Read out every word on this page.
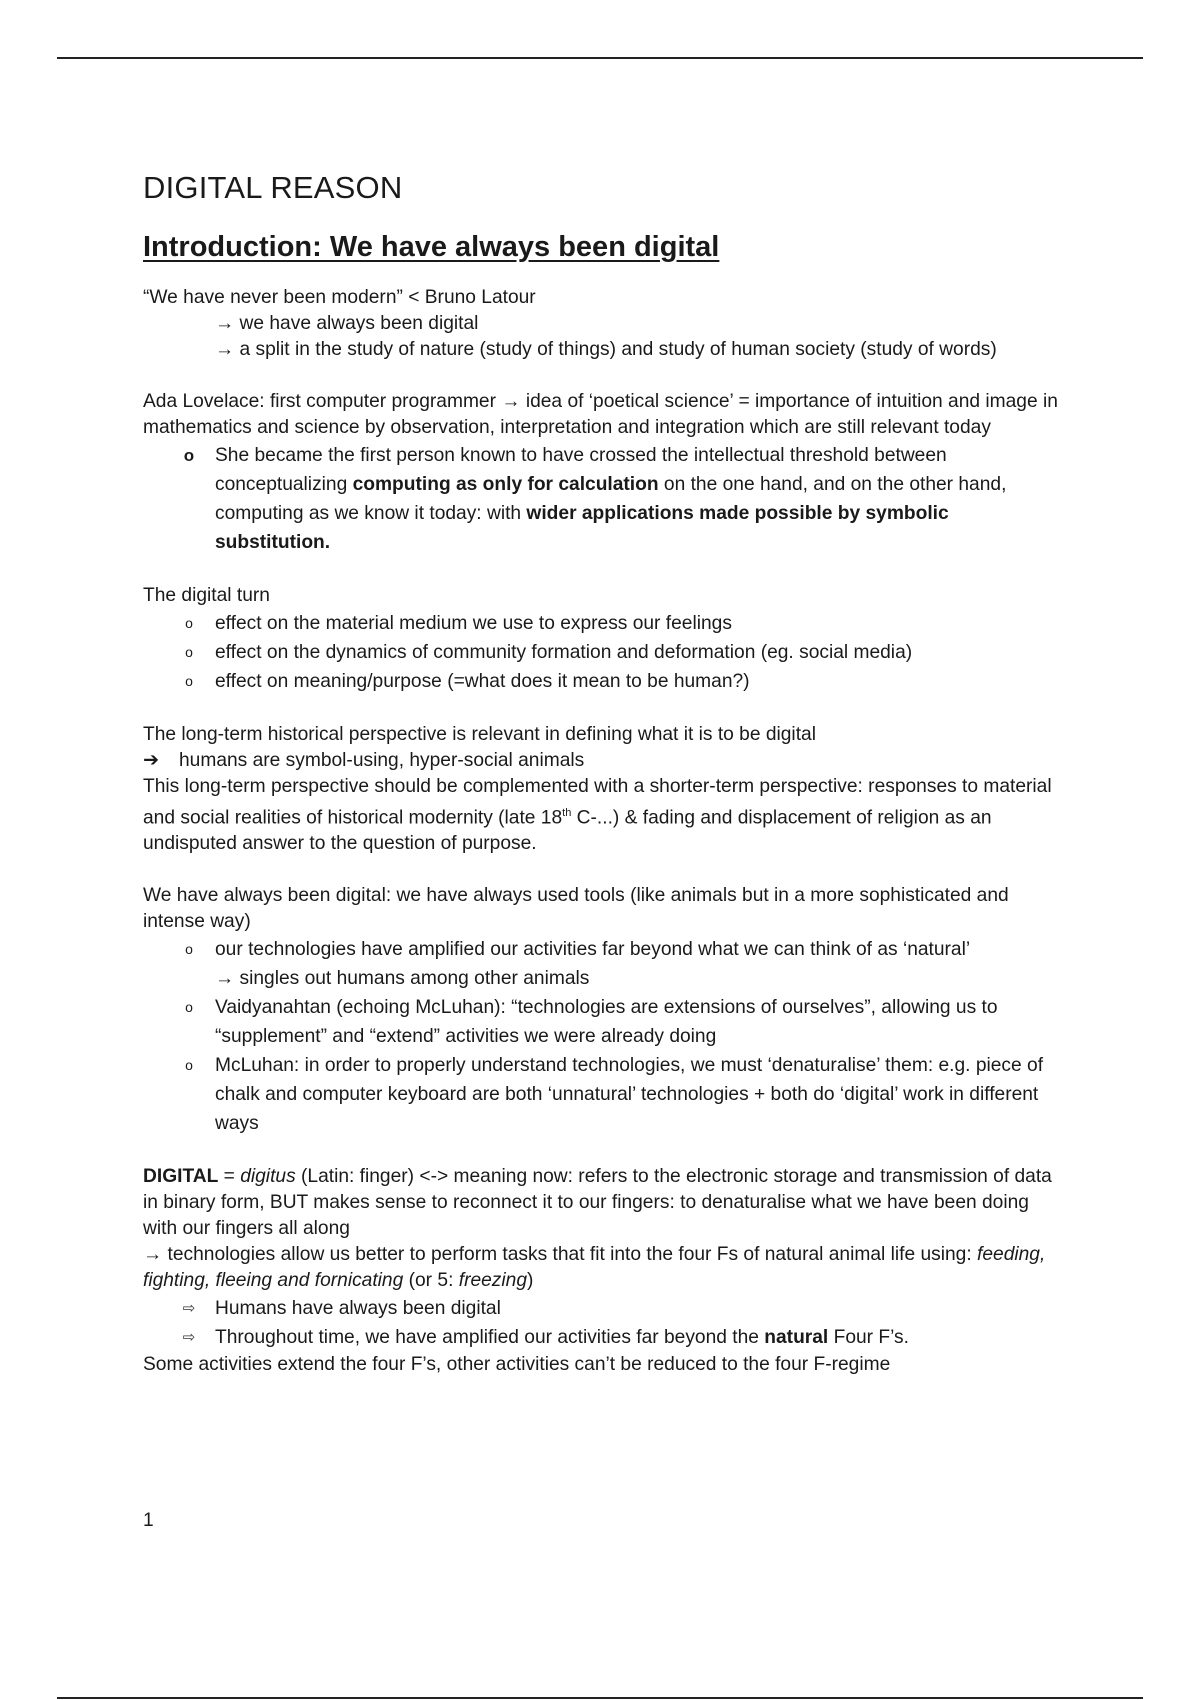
DIGITAL REASON
Introduction: We have always been digital

“We have never been modern” < Bruno Latour

→ we have always been digital

→ a split in the study of nature (study of things) and study of human society (study of words)

Ada Lovelace: first computer programmer → idea of ‘poetical science’ = importance of intuition and image in mathematics and science by observation, interpretation and integration which are still relevant today

o She became the first person known to have crossed the intellectual threshold between conceptualizing computing as only for calculation on the one hand, and on the other hand, computing as we know it today: with wider applications made possible by symbolic substitution.

The digital turn

o	effect on the material medium we use to express our feelings
o	effect on the dynamics of community formation and deformation (eg. social media)
o	effect on meaning/purpose (=what does it mean to be human?)

The long-term historical perspective is relevant in defining what it is to be digital

➔ humans are symbol-using, hyper-social animals

This long-term perspective should be complemented with a shorter-term perspective: responses to material and social realities of historical modernity (late 18th C-...) & fading and displacement of religion as an undisputed answer to the question of purpose.

We have always been digital: we have always used tools (like animals but in a more sophisticated and intense way)

o	our technologies have amplified our activities far beyond what we can think of as ‘natural’
→ singles out humans among other animals
o	Vaidyanahtan (echoing McLuhan): “technologies are extensions of ourselves”, allowing us to “supplement” and “extend” activities we were already doing
o	McLuhan: in order to properly understand technologies, we must ‘denaturalise’ them: e.g. piece of chalk and computer keyboard are both ‘unnatural’ technologies + both do ‘digital’ work in different ways

DIGITAL = digitus (Latin: finger) <-> meaning now: refers to the electronic storage and transmission of data in binary form, BUT makes sense to reconnect it to our fingers: to denaturalise what we have been doing with our fingers all along

→ technologies allow us better to perform tasks that fit into the four Fs of natural animal life using: feeding, fighting, fleeing and fornicating (or 5: freezing)

⇨ Humans have always been digital
⇨ Throughout time, we have amplified our activities far beyond the natural Four F’s.

Some activities extend the four F’s, other activities can’t be reduced to the four F-regime

1
